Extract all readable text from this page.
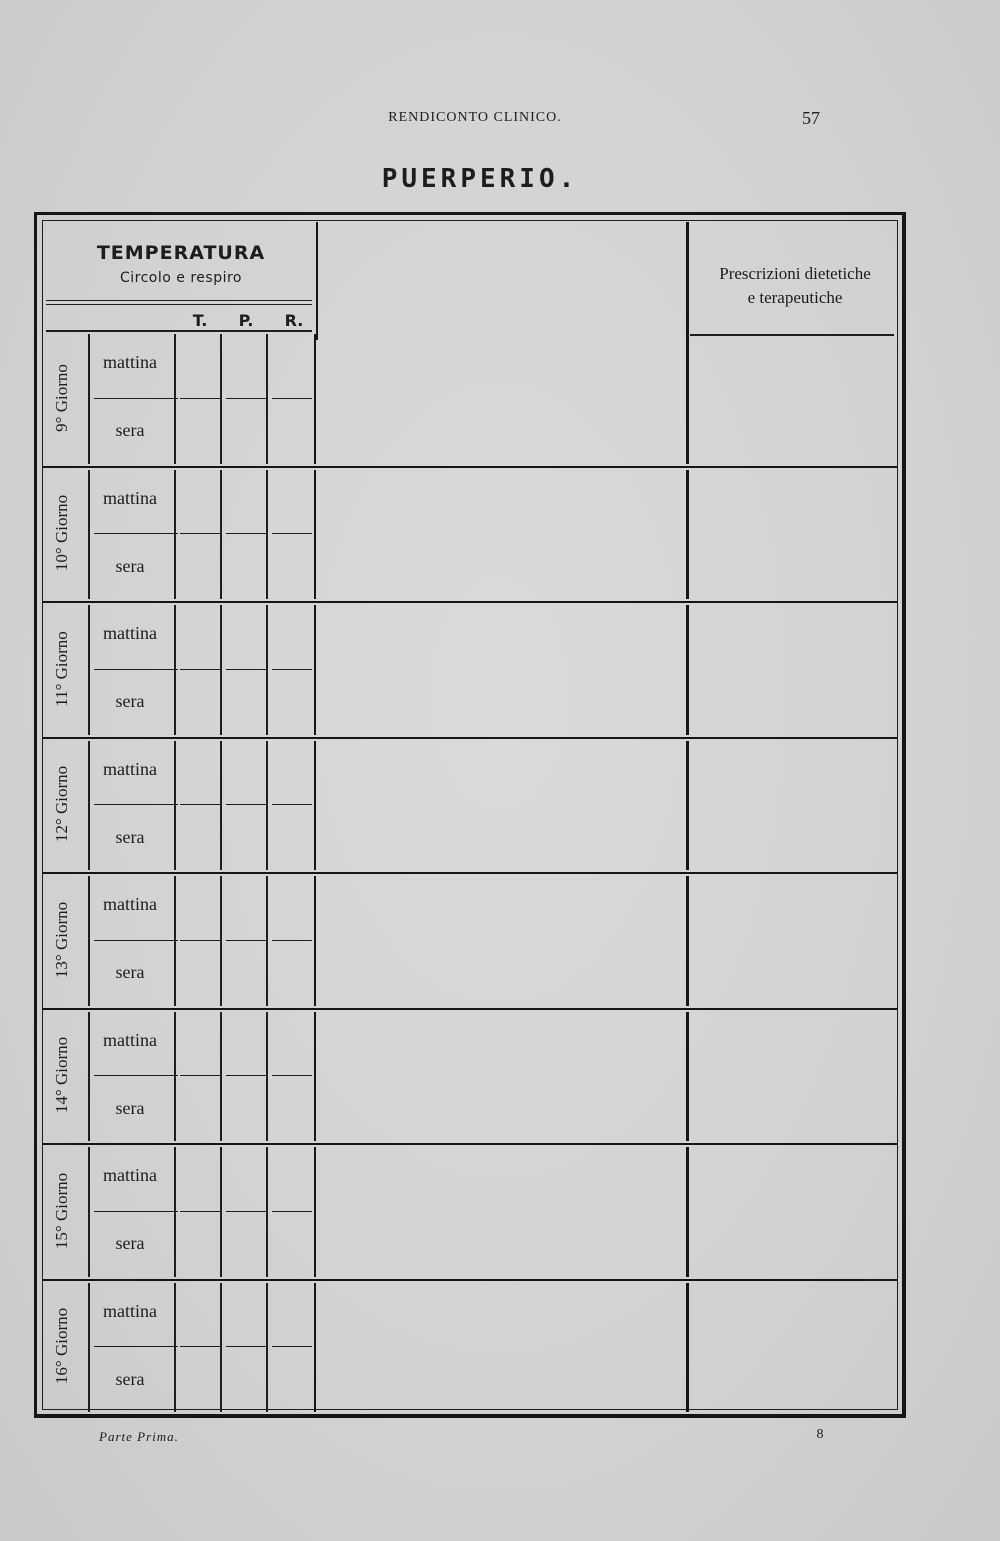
RENDICONTO CLINICO.	57
PUERPERIO.
TEMPERATURA
Circolo e respiro
T.	P.	R.
Prescrizioni dietetiche
e terapeutiche
9° Giorno
mattina
sera
10° Giorno	mattina
sera
11° Giorno	mattina
sera
12° Giorno	mattina
sera
13° Giorno	mattina
sera
14° Giorno	mattina
sera
15° Giorno	mattina
sera
16° Giorno	mattina
sera
Parte Prima.	8
